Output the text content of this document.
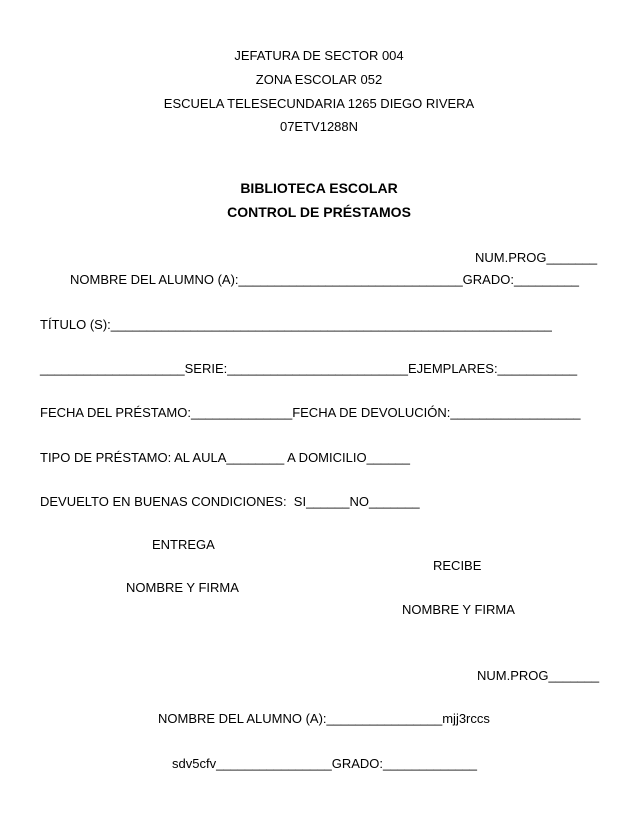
JEFATURA DE SECTOR 004
ZONA ESCOLAR 052
ESCUELA TELESECUNDARIA 1265 DIEGO RIVERA
07ETV1288N
BIBLIOTECA ESCOLAR
CONTROL DE PRÉSTAMOS
NUM.PROG_______
NOMBRE DEL ALUMNO (A):_______________________________GRADO:_________
TÍTULO (S):_____________________________________________________________
____________________SERIE:_________________________EJEMPLARES:___________
FECHA DEL PRÉSTAMO:______________FECHA DE DEVOLUCIÓN:__________________
TIPO DE PRÉSTAMO: AL AULA________ A DOMICILIO______
DEVUELTO EN BUENAS CONDICIONES:  SI______NO_______
ENTREGA
RECIBE
NOMBRE Y FIRMA
NOMBRE Y FIRMA
NUM.PROG_______
NOMBRE DEL ALUMNO (A):________________mjj3rccs
sdv5cfv________________GRADO:_____________
